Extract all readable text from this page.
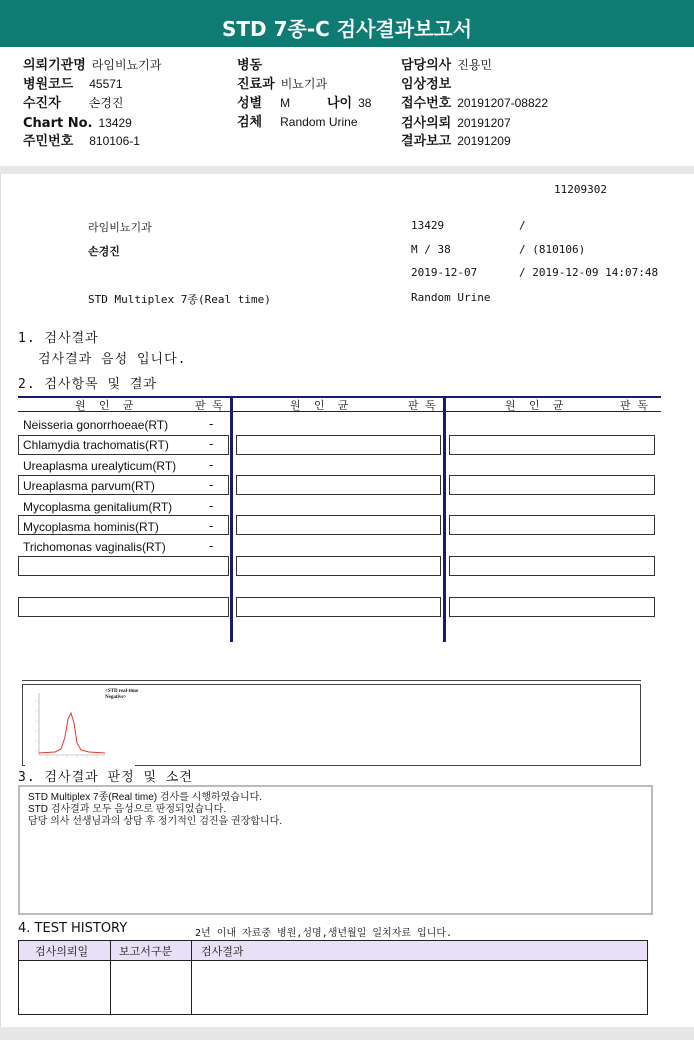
STD 7종-C 검사결과보고서
의뢰기관명 라임비뇨기과
병원코드 45571
수진자 손경진
Chart No. 13429
주민번호 810106-1
병동
진료과 비뇨기과
성별 M	나이 38
검체 Random Urine
담당의사 진용민
임상정보
접수번호 20191207-08822
검사의뢰 20191207
결과보고 20191209
11209302
라임비뇨기과	13429	/
손경진	M / 38	/ (810106)
2019-12-07	/ 2019-12-09 14:07:48
STD Multiplex 7종(Real time)	Random Urine
1. 검사결과
검사결과 음성 입니다.
2. 검사항목 및 결과
원  인  균	판 독	원  인  균	판 독	원  인  균	판 독
Neisseria gonorrhoeae(RT)	-
Chlamydia trachomatis(RT)	-
Ureaplasma urealyticum(RT)	-
Ureaplasma parvum(RT)	-
Mycoplasma genitalium(RT)	-
Mycoplasma hominis(RT)	-
Trichomonas vaginalis(RT)	-
<STD real-time
Negative>
3. 검사결과 판정 및 소견
STD Multiplex 7종(Real time) 검사를 시행하였습니다.
STD 검사결과 모두 음성으로 판정되었습니다.
담당 의사 선생님과의 상담 후 정기적인 검진을 권장합니다.
4. TEST HISTORY	2년 이내 자료중 병원,성명,생년월일 일치자료 입니다.
검사의뢰일	보고서구분	검사결과
